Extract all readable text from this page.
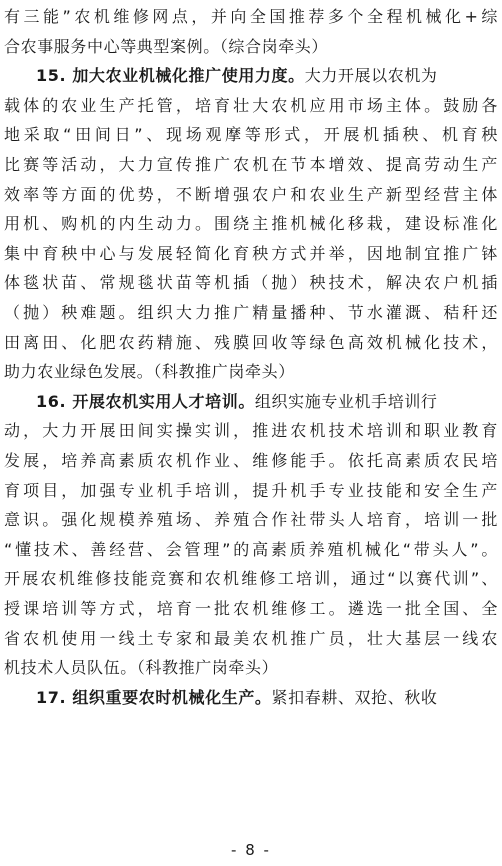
有三能”农机维修网点，并向全国推荐多个全程机械化+综
合农事服务中心等典型案例。（综合岗牵头）
15. 加大农业机械化推广使用力度。大力开展以农机为
载体的农业生产托管，培育壮大农机应用市场主体。鼓励各
地采取“田间日”、现场观摩等形式，开展机插秧、机育秧
比赛等活动，大力宣传推广农机在节本增效、提高劳动生产
效率等方面的优势，不断增强农户和农业生产新型经营主体
用机、购机的内生动力。围绕主推机械化移栽，建设标准化
集中育秧中心与发展轻简化育秧方式并举，因地制宜推广钵
体毯状苗、常规毯状苗等机插（抛）秧技术，解决农户机插
（抛）秧难题。组织大力推广精量播种、节水灌溉、秸秆还
田离田、化肥农药精施、残膜回收等绿色高效机械化技术，
助力农业绿色发展。（科教推广岗牵头）
16. 开展农机实用人才培训。组织实施专业机手培训行
动，大力开展田间实操实训，推进农机技术培训和职业教育
发展，培养高素质农机作业、维修能手。依托高素质农民培
育项目，加强专业机手培训，提升机手专业技能和安全生产
意识。强化规模养殖场、养殖合作社带头人培育，培训一批
“懂技术、善经营、会管理”的高素质养殖机械化“带头人”。
开展农机维修技能竞赛和农机维修工培训，通过“以赛代训”、
授课培训等方式，培育一批农机维修工。遴选一批全国、全
省农机使用一线土专家和最美农机推广员，壮大基层一线农
机技术人员队伍。（科教推广岗牵头）
17. 组织重要农时机械化生产。紧扣春耕、双抢、秋收
- 8 -
